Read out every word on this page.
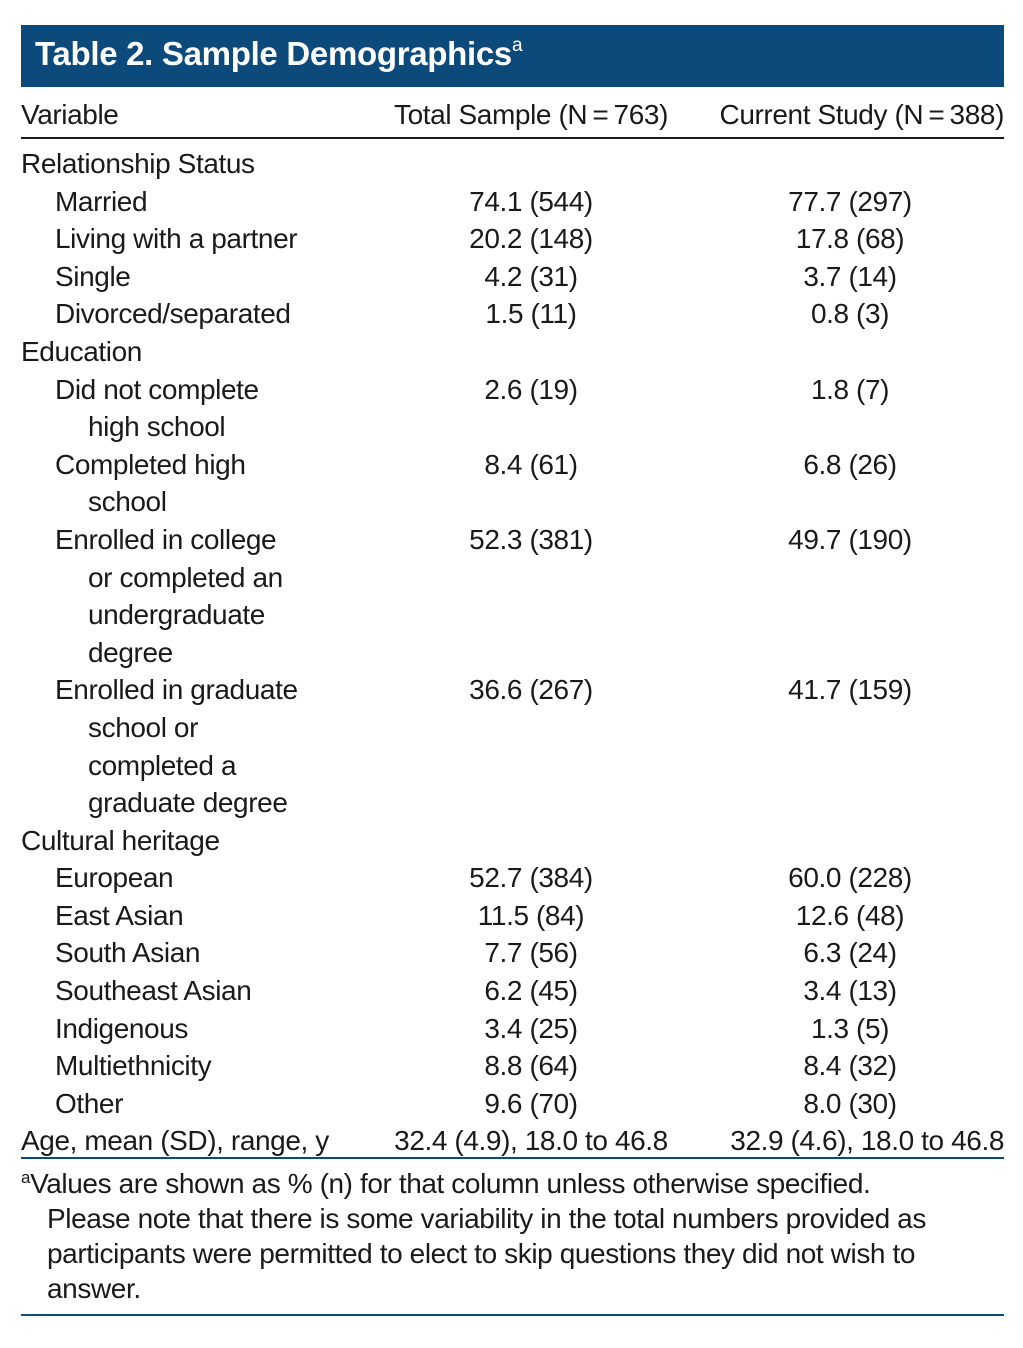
Table 2. Sample Demographics$^a$
Variable	Total Sample (N = 763)	Current Study (N = 388)
Relationship Status		

Married	74.1 (544)	77.7 (297)

Living with a partner	20.2 (148)	17.8 (68)

Single	4.2 (31)	3.7 (14)

Divorced/separated	1.5 (11)	0.8 (3)
Education		

Did not complete
high school	2.6 (19)	1.8 (7)

Completed high
school	8.4 (61)	6.8 (26)

Enrolled in college
or completed an
undergraduate
degree	52.3 (381)	49.7 (190)

Enrolled in graduate
school or
completed a
graduate degree	36.6 (267)	41.7 (159)
Cultural heritage		

European	52.7 (384)	60.0 (228)

East Asian	11.5 (84)	12.6 (48)

South Asian	7.7 (56)	6.3 (24)

Southeast Asian	6.2 (45)	3.4 (13)

Indigenous	3.4 (25)	1.3 (5)

Multiethnicity	8.8 (64)	8.4 (32)

Other	9.6 (70)	8.0 (30)
Age, mean (SD), range, y	32.4 (4.9), 18.0 to 46.8	32.9 (4.6), 18.0 to 46.8
$^a$Values are shown as % (n) for that column unless otherwise specified.
Please note that there is some variability in the total numbers provided as participants were permitted to elect to skip questions they did not wish to answer.
